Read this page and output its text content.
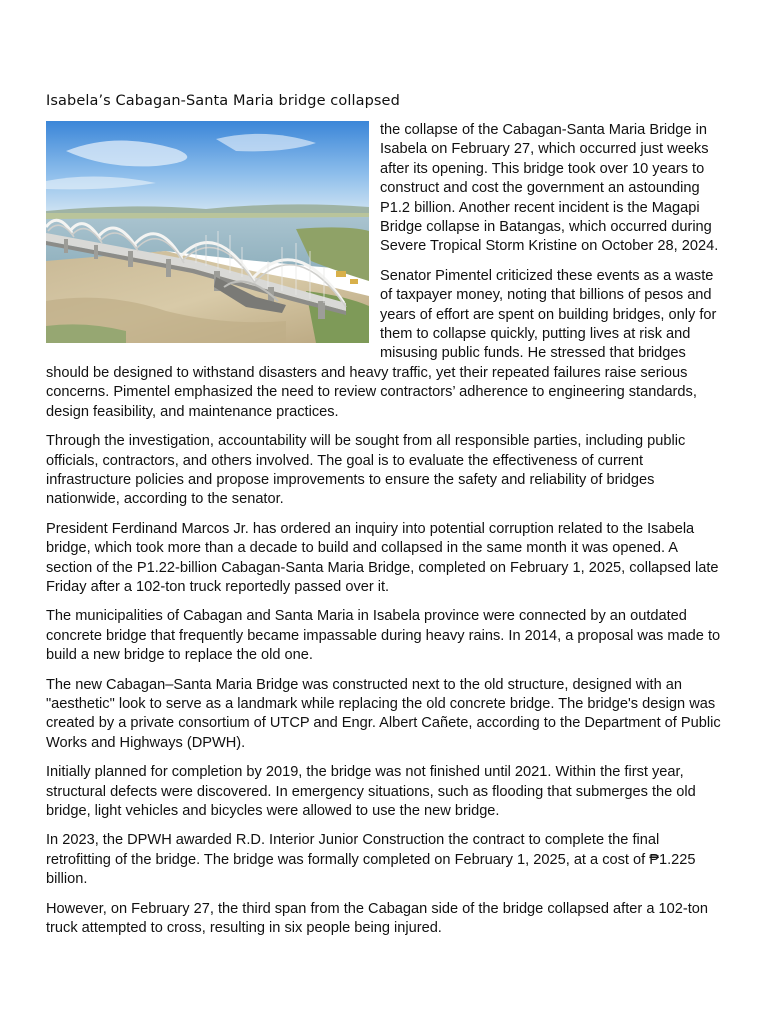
Isabela’s Cabagan-Santa Maria bridge collapsed

the collapse of the Cabagan-Santa Maria Bridge in Isabela on February 27, which occurred just weeks after its opening. This bridge took over 10 years to construct and cost the government an astounding P1.2 billion. Another recent incident is the Magapi Bridge collapse in Batangas, which occurred during Severe Tropical Storm Kristine on October 28, 2024.

Senator Pimentel criticized these events as a waste of taxpayer money, noting that billions of pesos and years of effort are spent on building bridges, only for them to collapse quickly, putting lives at risk and misusing public funds. He stressed that bridges should be designed to withstand disasters and heavy traffic, yet their repeated failures raise serious concerns. Pimentel emphasized the need to review contractors’ adherence to engineering standards, design feasibility, and maintenance practices.

Through the investigation, accountability will be sought from all responsible parties, including public officials, contractors, and others involved. The goal is to evaluate the effectiveness of current infrastructure policies and propose improvements to ensure the safety and reliability of bridges nationwide, according to the senator.

President Ferdinand Marcos Jr. has ordered an inquiry into potential corruption related to the Isabela bridge, which took more than a decade to build and collapsed in the same month it was opened. A section of the P1.22-billion Cabagan-Santa Maria Bridge, completed on February 1, 2025, collapsed late Friday after a 102-ton truck reportedly passed over it.

The municipalities of Cabagan and Santa Maria in Isabela province were connected by an outdated concrete bridge that frequently became impassable during heavy rains. In 2014, a proposal was made to build a new bridge to replace the old one.

The new Cabagan–Santa Maria Bridge was constructed next to the old structure, designed with an "aesthetic" look to serve as a landmark while replacing the old concrete bridge. The bridge's design was created by a private consortium of UTCP and Engr. Albert Cañete, according to the Department of Public Works and Highways (DPWH).

Initially planned for completion by 2019, the bridge was not finished until 2021. Within the first year, structural defects were discovered. In emergency situations, such as flooding that submerges the old bridge, light vehicles and bicycles were allowed to use the new bridge.

In 2023, the DPWH awarded R.D. Interior Junior Construction the contract to complete the final retrofitting of the bridge. The bridge was formally completed on February 1, 2025, at a cost of ₱1.225 billion.

However, on February 27, the third span from the Cabagan side of the bridge collapsed after a 102-ton truck attempted to cross, resulting in six people being injured.
